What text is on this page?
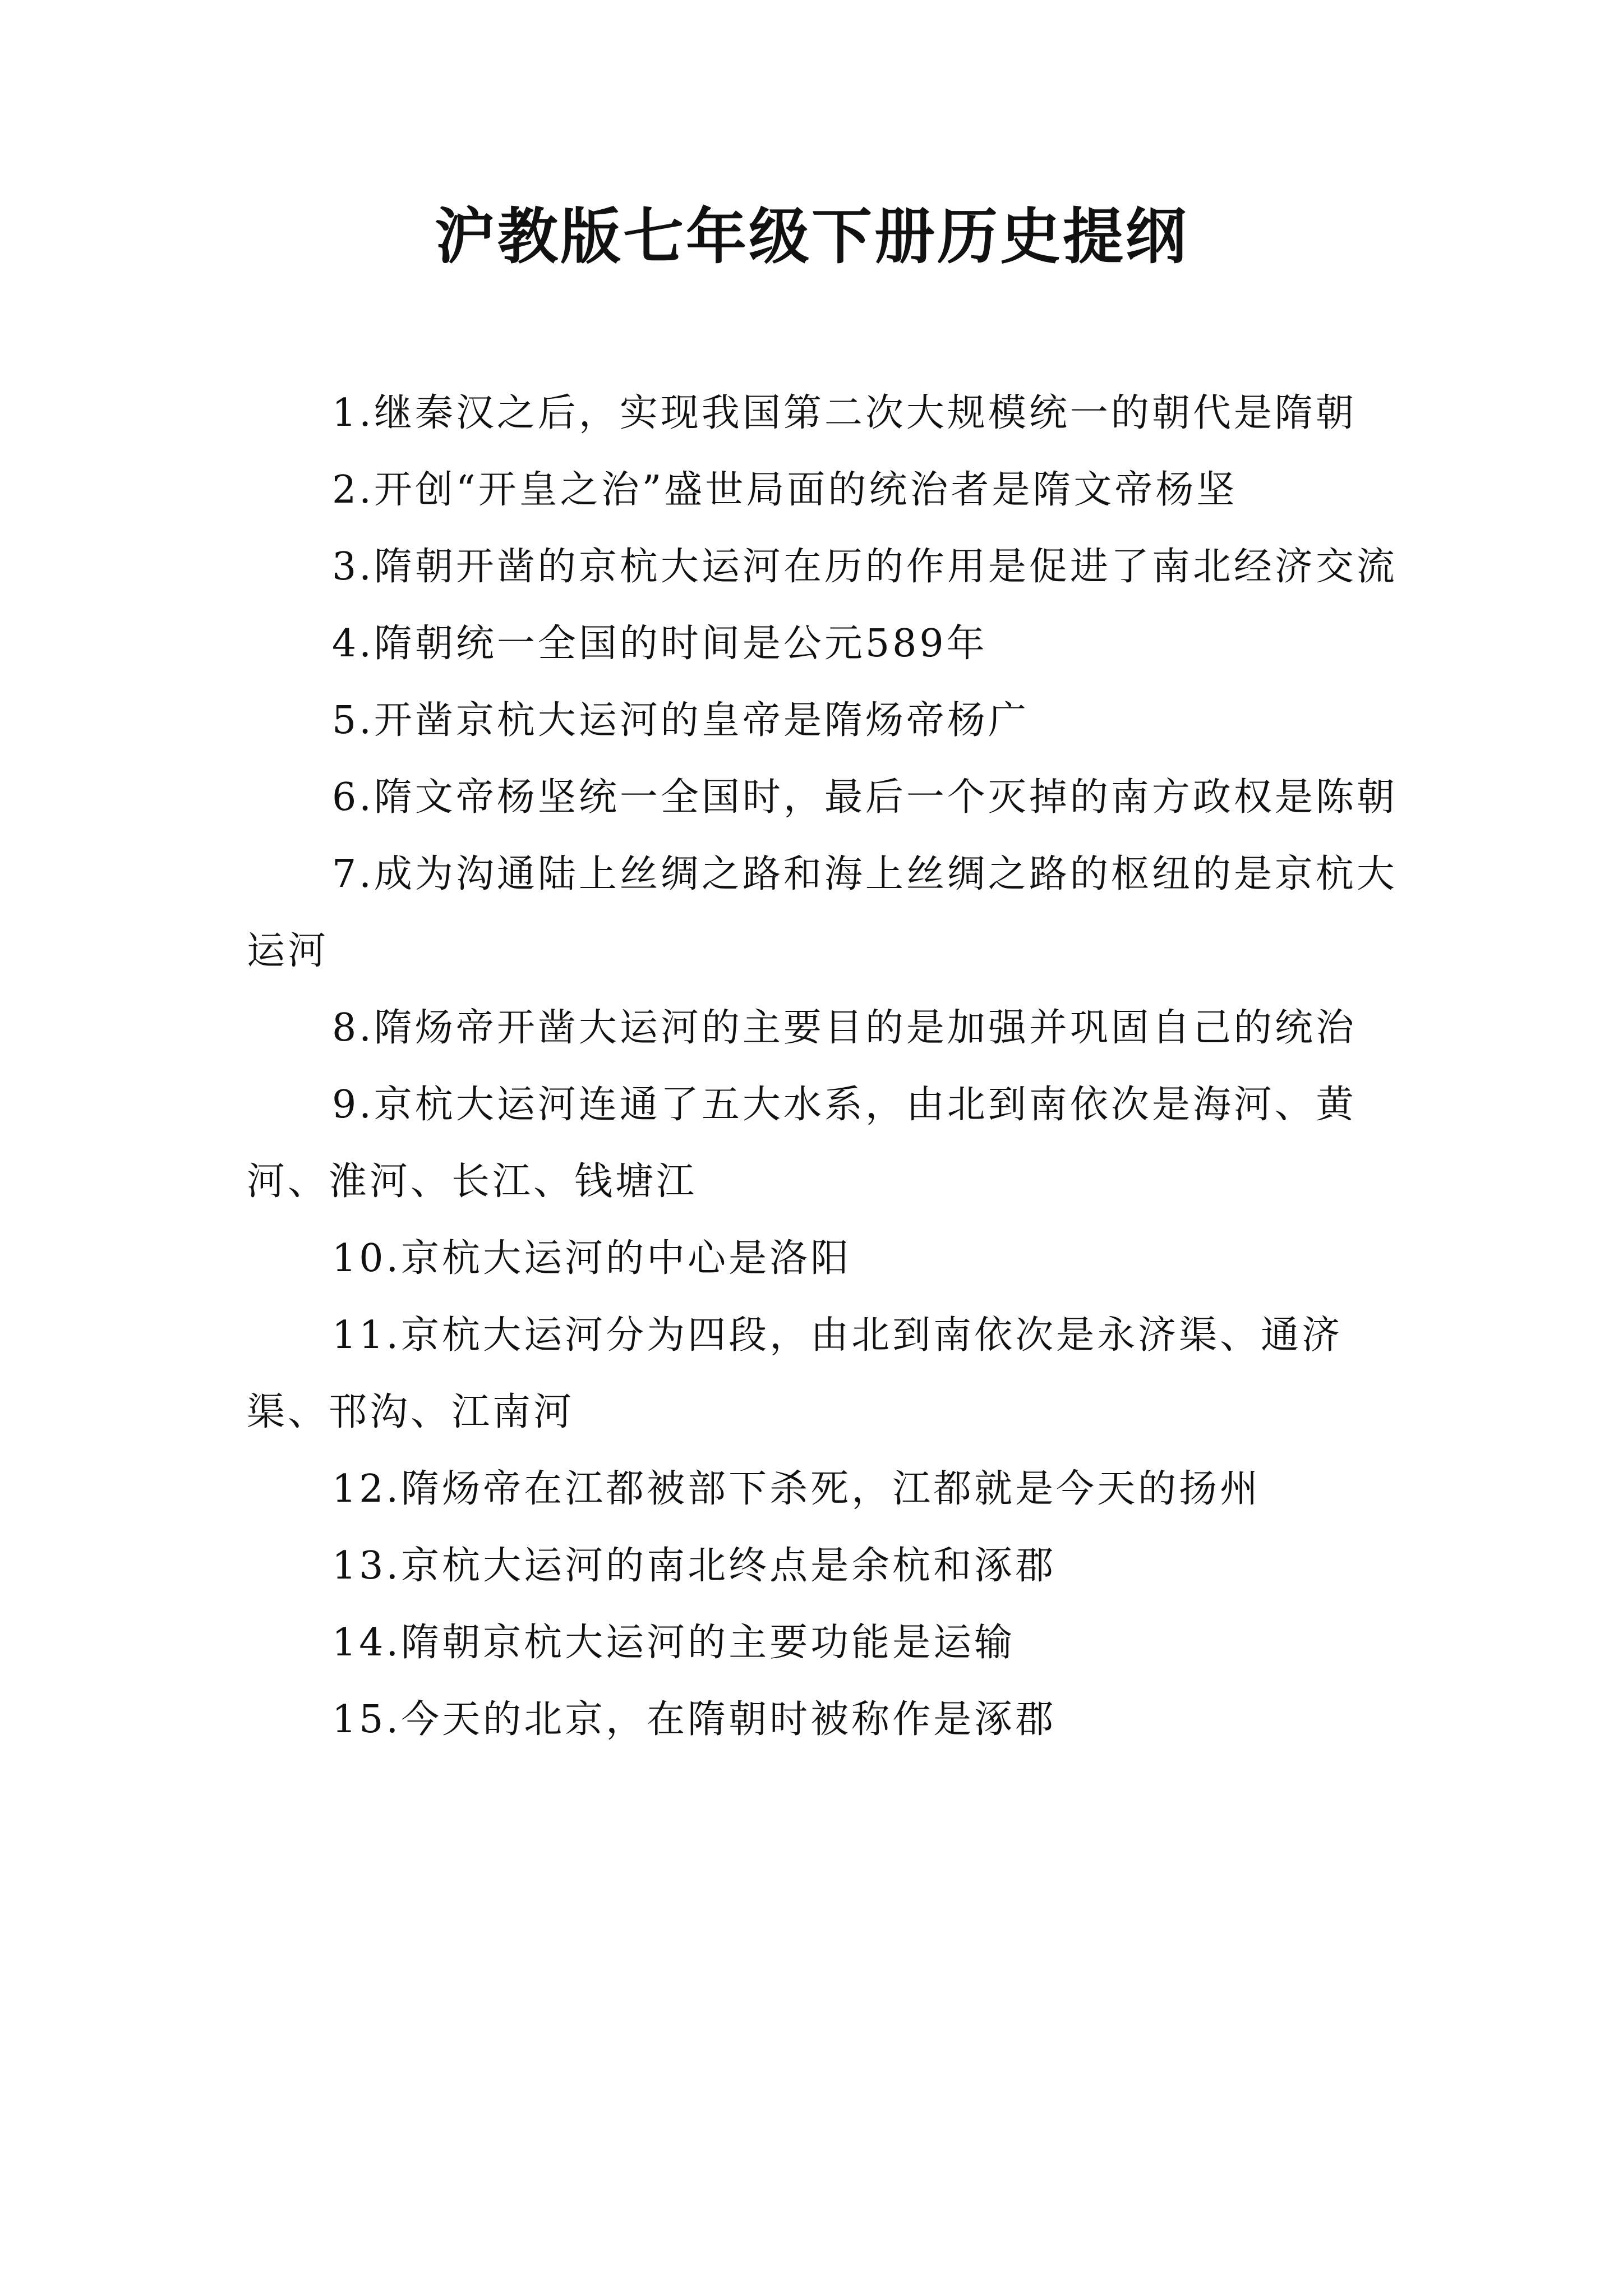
沪教版七年级下册历史提纲

1.继秦汉之后，实现我国第二次大规模统一的朝代是隋朝

2.开创“开皇之治”盛世局面的统治者是隋文帝杨坚

3.隋朝开凿的京杭大运河在历的作用是促进了南北经济交流

4.隋朝统一全国的时间是公元589年

5.开凿京杭大运河的皇帝是隋炀帝杨广

6.隋文帝杨坚统一全国时，最后一个灭掉的南方政权是陈朝

7.成为沟通陆上丝绸之路和海上丝绸之路的枢纽的是京杭大运河

8.隋炀帝开凿大运河的主要目的是加强并巩固自己的统治

9.京杭大运河连通了五大水系，由北到南依次是海河、黄河、淮河、长江、钱塘江

10.京杭大运河的中心是洛阳

11.京杭大运河分为四段，由北到南依次是永济渠、通济渠、邗沟、江南河

12.隋炀帝在江都被部下杀死，江都就是今天的扬州

13.京杭大运河的南北终点是余杭和涿郡

14.隋朝京杭大运河的主要功能是运输

15.今天的北京，在隋朝时被称作是涿郡
